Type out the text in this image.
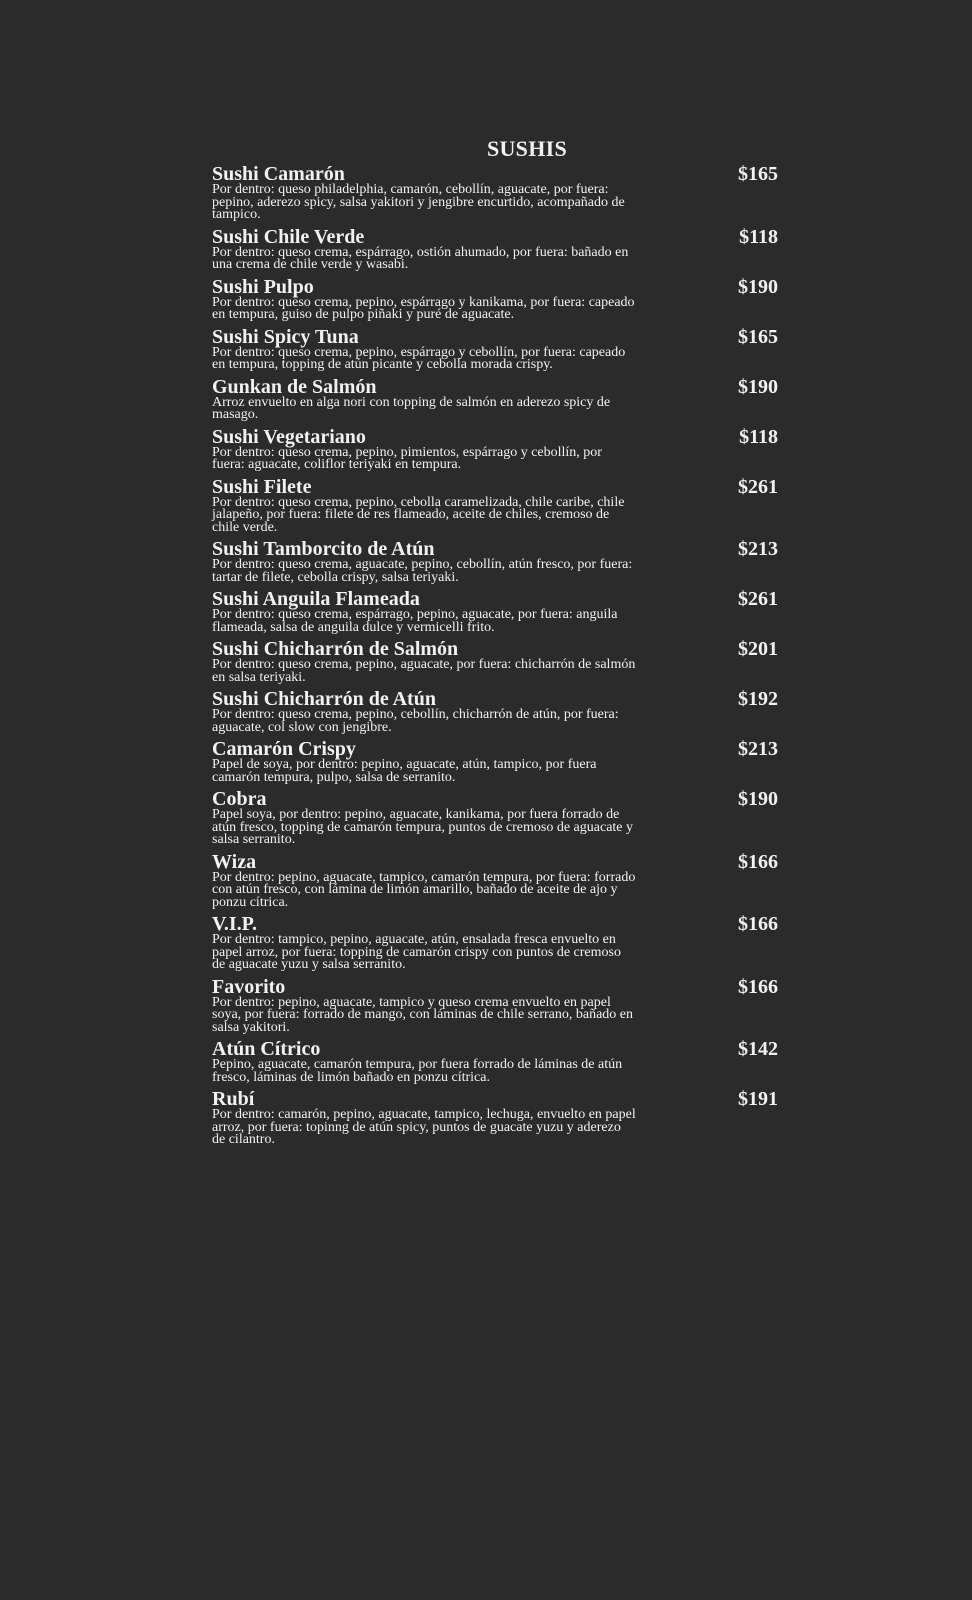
SUSHIS
Sushi Camarón	$165
Por dentro: queso philadelphia, camarón, cebollín, aguacate, por fuera: pepino, aderezo spicy, salsa yakitori y jengibre encurtido, acompañado de tampico.
Sushi Chile Verde	$118
Por dentro: queso crema, espárrago, ostión ahumado, por fuera: bañado en una crema de chile verde y wasabi.
Sushi Pulpo	$190
Por dentro: queso crema, pepino, espárrago y kanikama, por fuera: capeado en tempura, guiso de pulpo piñaki y puré de aguacate.
Sushi Spicy Tuna	$165
Por dentro: queso crema, pepino, espárrago y cebollín, por fuera: capeado en tempura, topping de atún picante y cebolla morada crispy.
Gunkan de Salmón	$190
Arroz envuelto en alga nori con topping de salmón en aderezo spicy de masago.
Sushi Vegetariano	$118
Por dentro: queso crema, pepino, pimientos, espárrago y cebollín, por fuera: aguacate, coliflor teriyaki en tempura.
Sushi Filete	$261
Por dentro: queso crema, pepino, cebolla caramelizada, chile caribe, chile jalapeño, por fuera: filete de res flameado, aceite de chiles, cremoso de chile verde.
Sushi Tamborcito de Atún	$213
Por dentro: queso crema, aguacate, pepino, cebollín, atún fresco, por fuera: tartar de filete, cebolla crispy, salsa teriyaki.
Sushi Anguila Flameada	$261
Por dentro: queso crema, espárrago, pepino, aguacate, por fuera: anguila flameada, salsa de anguila dulce y vermicelli frito.
Sushi Chicharrón de Salmón	$201
Por dentro: queso crema, pepino, aguacate, por fuera: chicharrón de salmón en salsa teriyaki.
Sushi Chicharrón de Atún	$192
Por dentro: queso crema, pepino, cebollín, chicharrón de atún, por fuera: aguacate, col slow con jengibre.
Camarón Crispy	$213
Papel de soya, por dentro: pepino, aguacate, atún, tampico, por fuera camarón tempura, pulpo, salsa de serranito.
Cobra	$190
Papel soya, por dentro: pepino, aguacate, kanikama, por fuera forrado de atún fresco, topping de camarón tempura, puntos de cremoso de aguacate y salsa serranito.
Wiza	$166
Por dentro: pepino, aguacate, tampico, camarón tempura, por fuera: forrado con atún fresco, con lámina de limón amarillo, bañado de aceite de ajo y ponzu cítrica.
V.I.P.	$166
Por dentro: tampico, pepino, aguacate, atún, ensalada fresca envuelto en papel arroz, por fuera: topping de camarón crispy con puntos de cremoso de aguacate yuzu y salsa serranito.
Favorito	$166
Por dentro: pepino, aguacate, tampico y queso crema envuelto en papel soya, por fuera: forrado de mango, con láminas de chile serrano, bañado en salsa yakitori.
Atún Cítrico	$142
Pepino, aguacate, camarón tempura, por fuera forrado de láminas de atún fresco, láminas de limón bañado en ponzu cítrica.
Rubí	$191
Por dentro: camarón, pepino, aguacate, tampico, lechuga, envuelto en papel arroz, por fuera: topinng de atún spicy, puntos de guacate yuzu y aderezo de cilantro.
